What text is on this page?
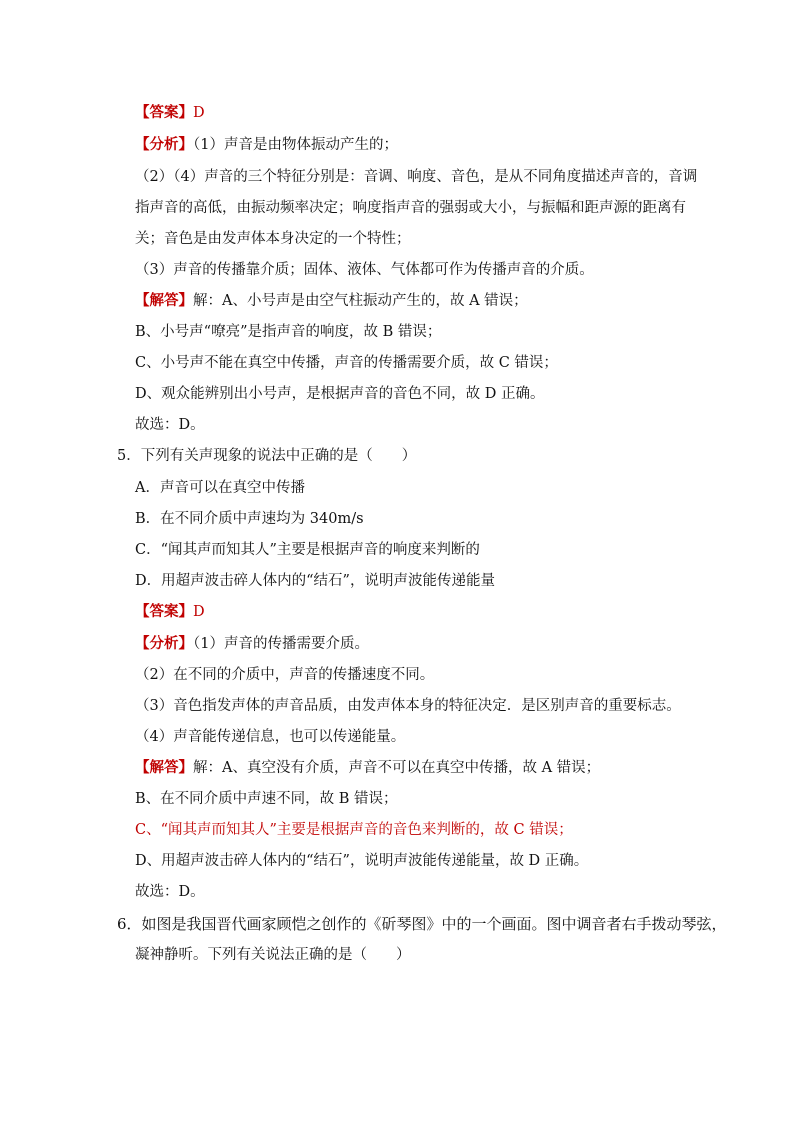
【答案】D
【分析】（1）声音是由物体振动产生的；
（2）（4）声音的三个特征分别是：音调、响度、音色，是从不同角度描述声音的，音调
指声音的高低，由振动频率决定；响度指声音的强弱或大小，与振幅和距声源的距离有
关；音色是由发声体本身决定的一个特性；
（3）声音的传播靠介质；固体、液体、气体都可作为传播声音的介质。
【解答】解：A、小号声是由空气柱振动产生的，故 A 错误；
B、小号声“嘹亮”是指声音的响度，故 B 错误；
C、小号声不能在真空中传播，声音的传播需要介质，故 C 错误；
D、观众能辨别出小号声，是根据声音的音色不同，故 D 正确。
故选：D。
5．下列有关声现象的说法中正确的是（　　）
A．声音可以在真空中传播
B．在不同介质中声速均为 340m/s
C．“闻其声而知其人”主要是根据声音的响度来判断的
D．用超声波击碎人体内的“结石”，说明声波能传递能量
【答案】D
【分析】（1）声音的传播需要介质。
（2）在不同的介质中，声音的传播速度不同。
（3）音色指发声体的声音品质，由发声体本身的特征决定．是区别声音的重要标志。
（4）声音能传递信息，也可以传递能量。
【解答】解：A、真空没有介质，声音不可以在真空中传播，故 A 错误；
B、在不同介质中声速不同，故 B 错误；
C、“闻其声而知其人”主要是根据声音的音色来判断的，故 C 错误；
D、用超声波击碎人体内的“结石”，说明声波能传递能量，故 D 正确。
故选：D。
6．如图是我国晋代画家顾恺之创作的《斫琴图》中的一个画面。图中调音者右手拨动琴弦，
凝神静听。下列有关说法正确的是（　　）
